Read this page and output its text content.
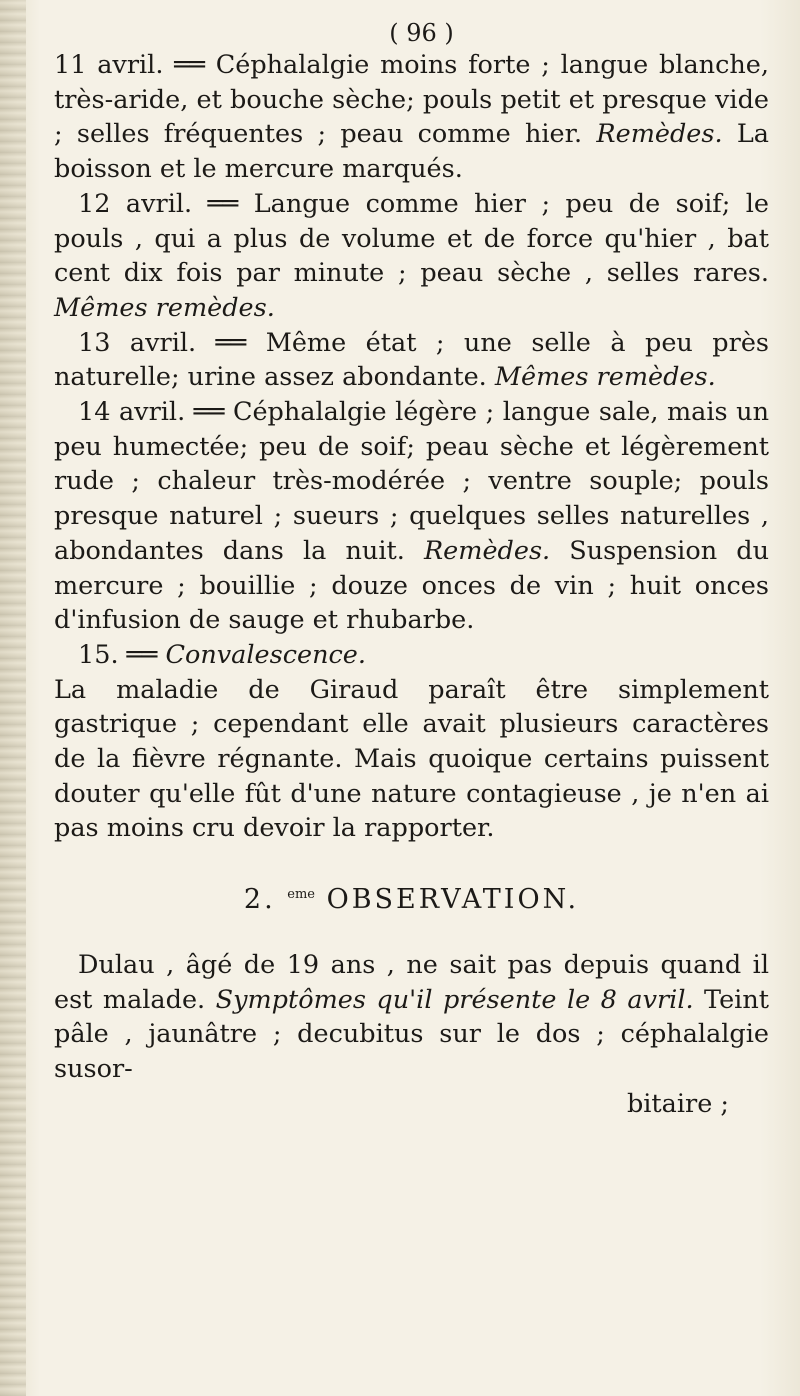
( 96 )

11 avril. ══ Céphalalgie moins forte ; langue blanche, très-aride, et bouche sèche; pouls petit et presque vide ; selles fréquentes ; peau comme hier. Remèdes. La boisson et le mercure marqués.

12 avril. ══ Langue comme hier ; peu de soif; le pouls , qui a plus de volume et de force qu'hier , bat cent dix fois par minute ; peau sèche , selles rares. Mêmes remèdes.

13 avril. ══ Même état ; une selle à peu près naturelle; urine assez abondante. Mêmes remèdes.

14 avril. ══ Céphalalgie légère ; langue sale, mais un peu humectée; peu de soif; peau sèche et légèrement rude ; chaleur très-modérée ; ventre souple; pouls presque naturel ; sueurs ; quelques selles naturelles , abondantes dans la nuit. Remèdes. Suspension du mercure ; bouillie ; douze onces de vin ; huit onces d'infusion de sauge et rhubarbe.

15. ══ Convalescence.

La maladie de Giraud paraît être simplement gastrique ; cependant elle avait plusieurs caractères de la fièvre régnante. Mais quoique certains puissent douter qu'elle fût d'une nature contagieuse , je n'en ai pas moins cru devoir la rapporter.

2. $^{eme}$ OBSERVATION.

Dulau , âgé de 19 ans , ne sait pas depuis quand il est malade. Symptômes qu'il présente le 8 avril. Teint pâle , jaunâtre ; decubitus sur le dos ; céphalalgie susor-

bitaire ;
